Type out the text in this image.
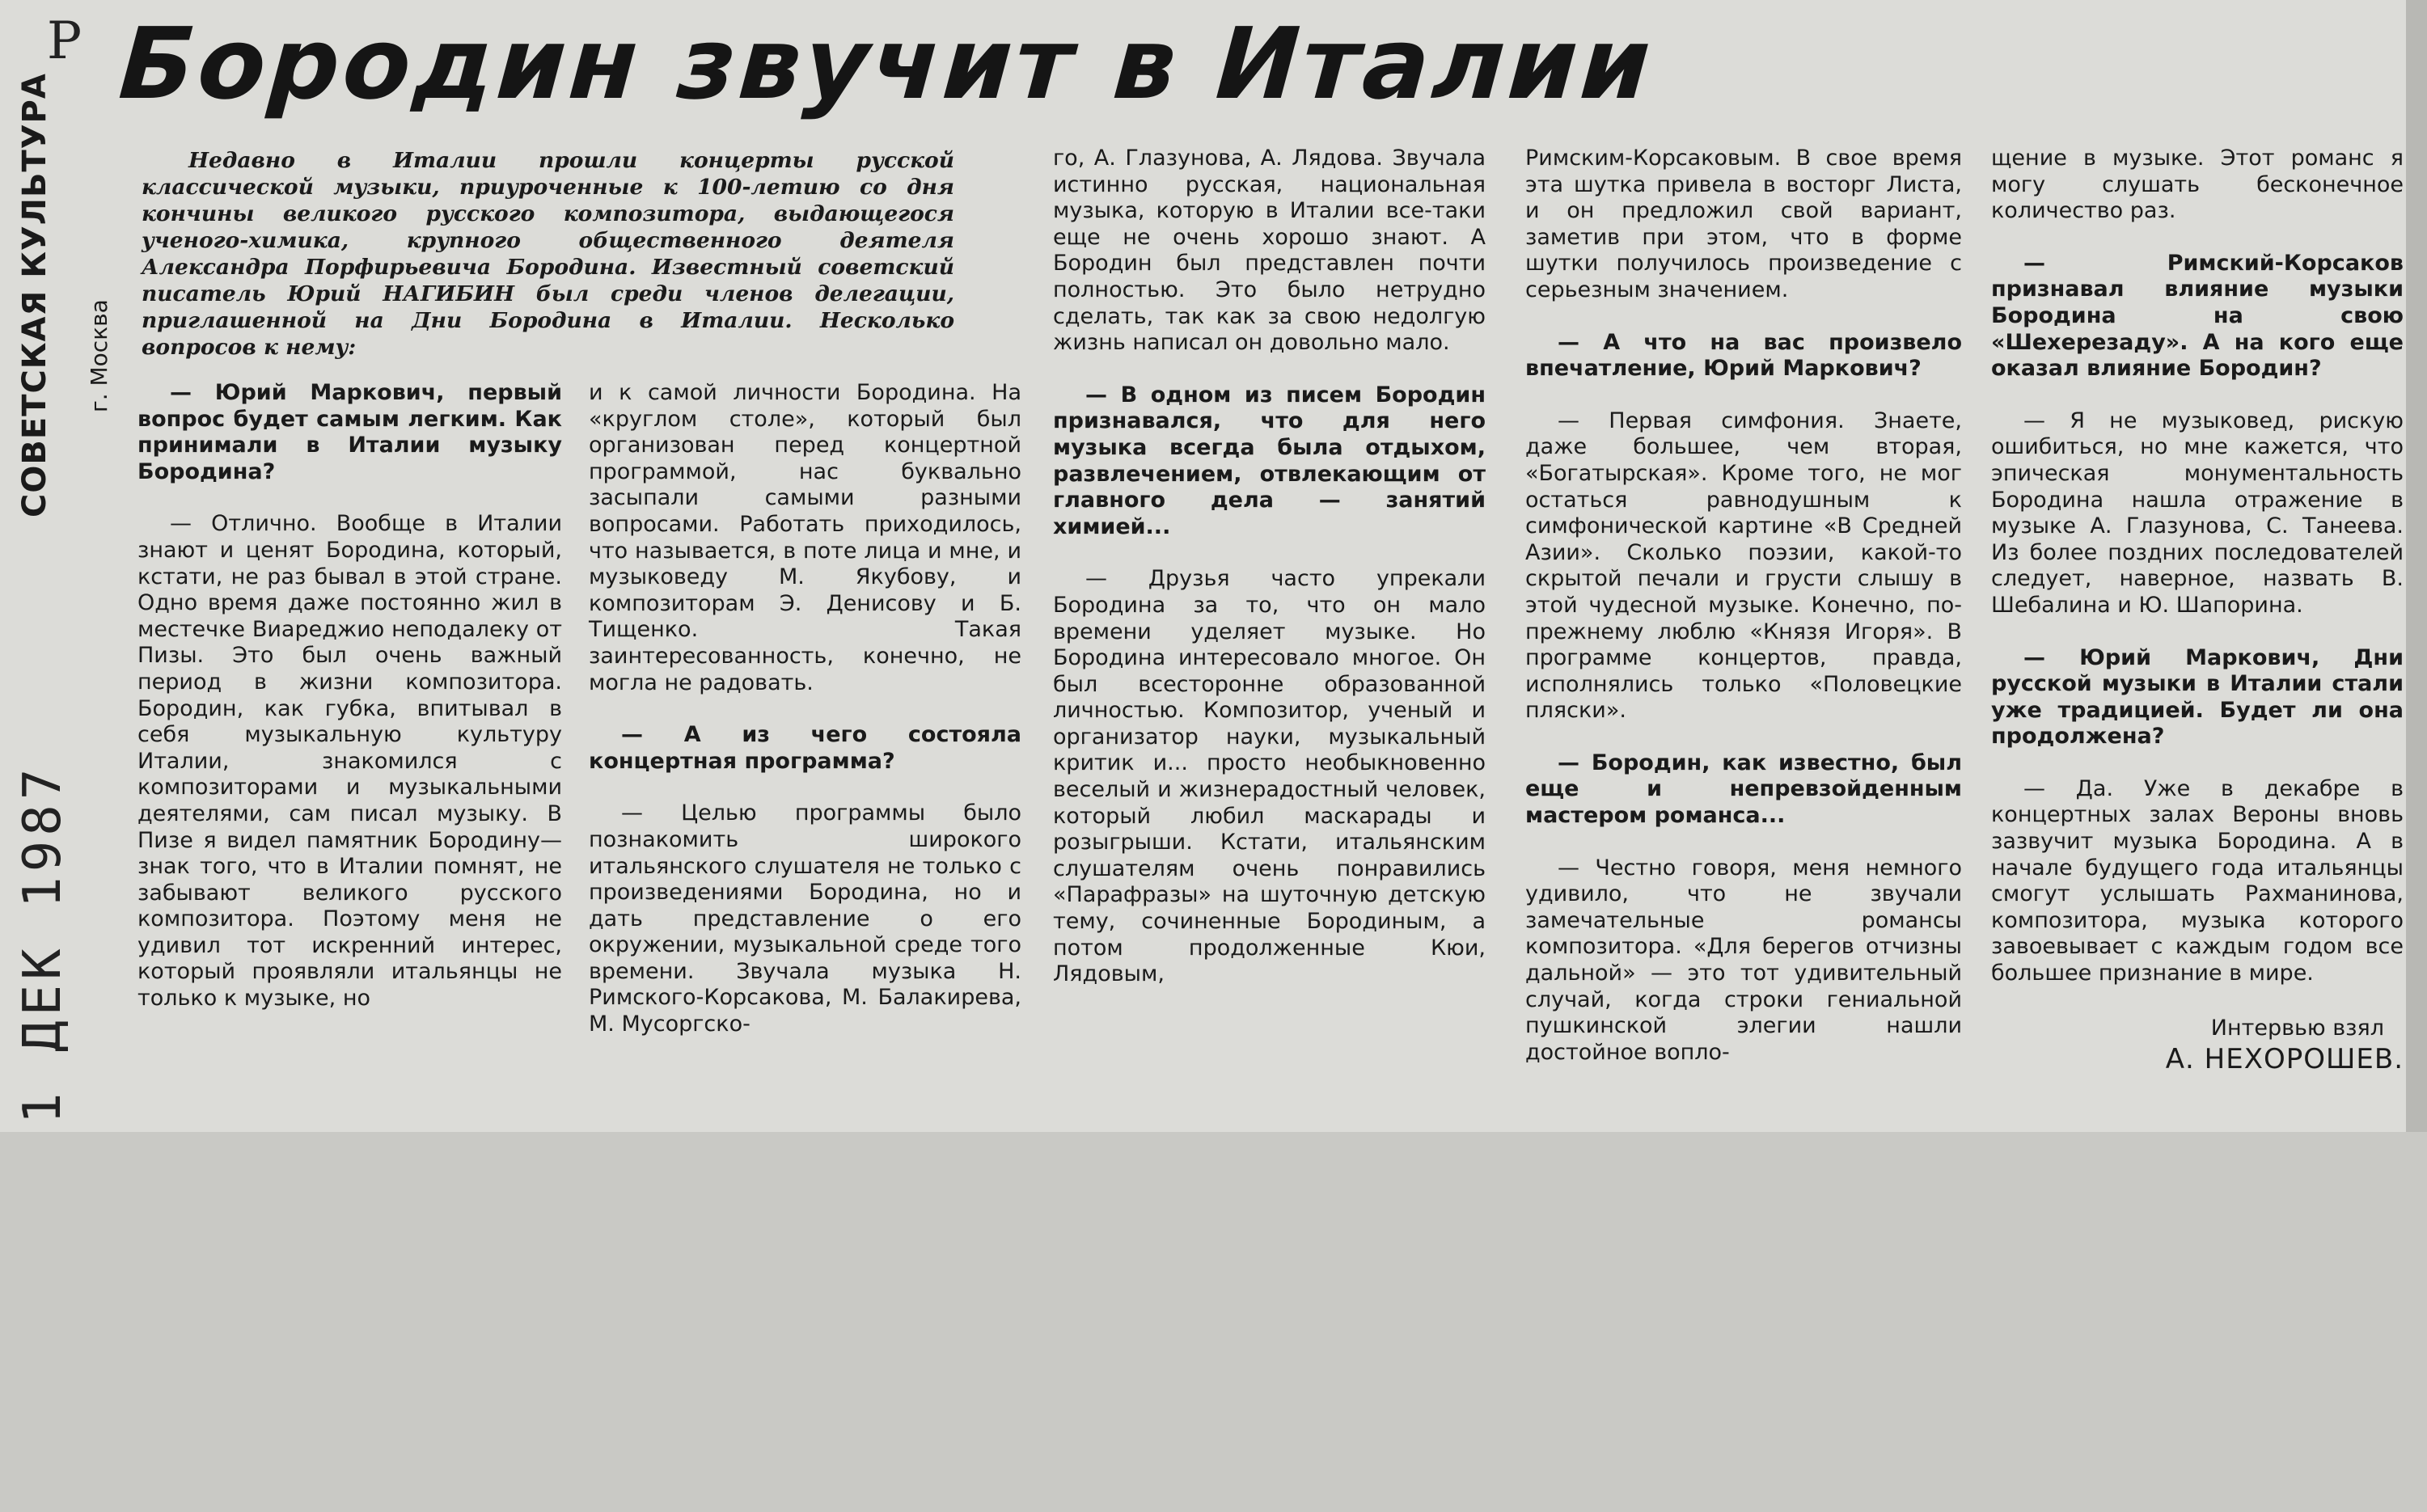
Р Бородин звучит в Италии
СОВЕТСКАЯ КУЛЬТУРА г. Москва
1 ДЕК 1987

Недавно в Италии прошли концерты русской классической музыки, приуроченные к 100-летию со дня кончины великого русского композитора, выдающегося ученого-химика, крупного общественного деятеля Александра Порфирьевича Бородина. Известный советский писатель Юрий НАГИБИН был среди членов делегации, приглашенной на Дни Бородина в Италии. Несколько вопросов к нему:

— Юрий Маркович, первый вопрос будет самым легким. Как принимали в Италии музыку Бородина?

— Отлично. Вообще в Италии знают и ценят Бородина, который, кстати, не раз бывал в этой стране. Одно время даже постоянно жил в местечке Виареджио неподалеку от Пизы. Это был очень важный период в жизни композитора. Бородин, как губка, впитывал в себя музыкальную культуру Италии, знакомился с композиторами и музыкальными деятелями, сам писал музыку. В Пизе я видел памятник Бородину— знак того, что в Италии помнят, не забывают великого русского композитора. Поэтому меня не удивил тот искренний интерес, который проявляли итальянцы не только к музыке, но

и к самой личности Бородина. На «круглом столе», который был организован перед концертной программой, нас буквально засыпали самыми разными вопросами. Работать приходилось, что называется, в поте лица и мне, и музыковеду М. Якубову, и композиторам Э. Денисову и Б. Тищенко. Такая заинтересованность, конечно, не могла не радовать.

— А из чего состояла концертная программа?

— Целью программы было познакомить широкого итальянского слушателя не только с произведениями Бородина, но и дать представление о его окружении, музыкальной среде того времени. Звучала музыка Н. Римского-Корсакова, М. Балакирева, М. Мусоргско-

го, А. Глазунова, А. Лядова. Звучала истинно русская, национальная музыка, которую в Италии все-таки еще не очень хорошо знают. А Бородин был представлен почти полностью. Это было нетрудно сделать, так как за свою недолгую жизнь написал он довольно мало.

— В одном из писем Бородин признавался, что для него музыка всегда была отдыхом, развлечением, отвлекающим от главного дела — занятий химией...

— Друзья часто упрекали Бородина за то, что он мало времени уделяет музыке. Но Бородина интересовало многое. Он был всесторонне образованной личностью. Композитор, ученый и организатор науки, музыкальный критик и... просто необыкновенно веселый и жизнерадостный человек, который любил маскарады и розыгрыши. Кстати, итальянским слушателям очень понравились «Парафразы» на шуточную детскую тему, сочиненные Бородиным, а потом продолженные Кюи, Лядовым,

Римским-Корсаковым. В свое время эта шутка привела в восторг Листа, и он предложил свой вариант, заметив при этом, что в форме шутки получилось произведение с серьезным значением.

— А что на вас произвело впечатление, Юрий Маркович?

— Первая симфония. Знаете, даже большее, чем вторая, «Богатырская». Кроме того, не мог остаться равнодушным к симфонической картине «В Средней Азии». Сколько поэзии, какой-то скрытой печали и грусти слышу в этой чудесной музыке. Конечно, по-прежнему люблю «Князя Игоря». В программе концертов, правда, исполнялись только «Половецкие пляски».

— Бородин, как известно, был еще и непревзойденным мастером романса...

— Честно говоря, меня немного удивило, что не звучали замечательные романсы композитора. «Для берегов отчизны дальной» — это тот удивительный случай, когда строки гениальной пушкинской элегии нашли достойное вопло-

щение в музыке. Этот романс я могу слушать бесконечное количество раз.

— Римский-Корсаков признавал влияние музыки Бородина на свою «Шехерезаду». А на кого еще оказал влияние Бородин?

— Я не музыковед, рискую ошибиться, но мне кажется, что эпическая монументальность Бородина нашла отражение в музыке А. Глазунова, С. Танеева. Из более поздних последователей следует, наверное, назвать В. Шебалина и Ю. Шапорина.

— Юрий Маркович, Дни русской музыки в Италии стали уже традицией. Будет ли она продолжена?

— Да. Уже в декабре в концертных залах Вероны вновь зазвучит музыка Бородина. А в начале будущего года итальянцы смогут услышать Рахманинова, композитора, музыка которого завоевывает с каждым годом все большее признание в мире.

Интервью взял
А. НЕХОРОШЕВ.
